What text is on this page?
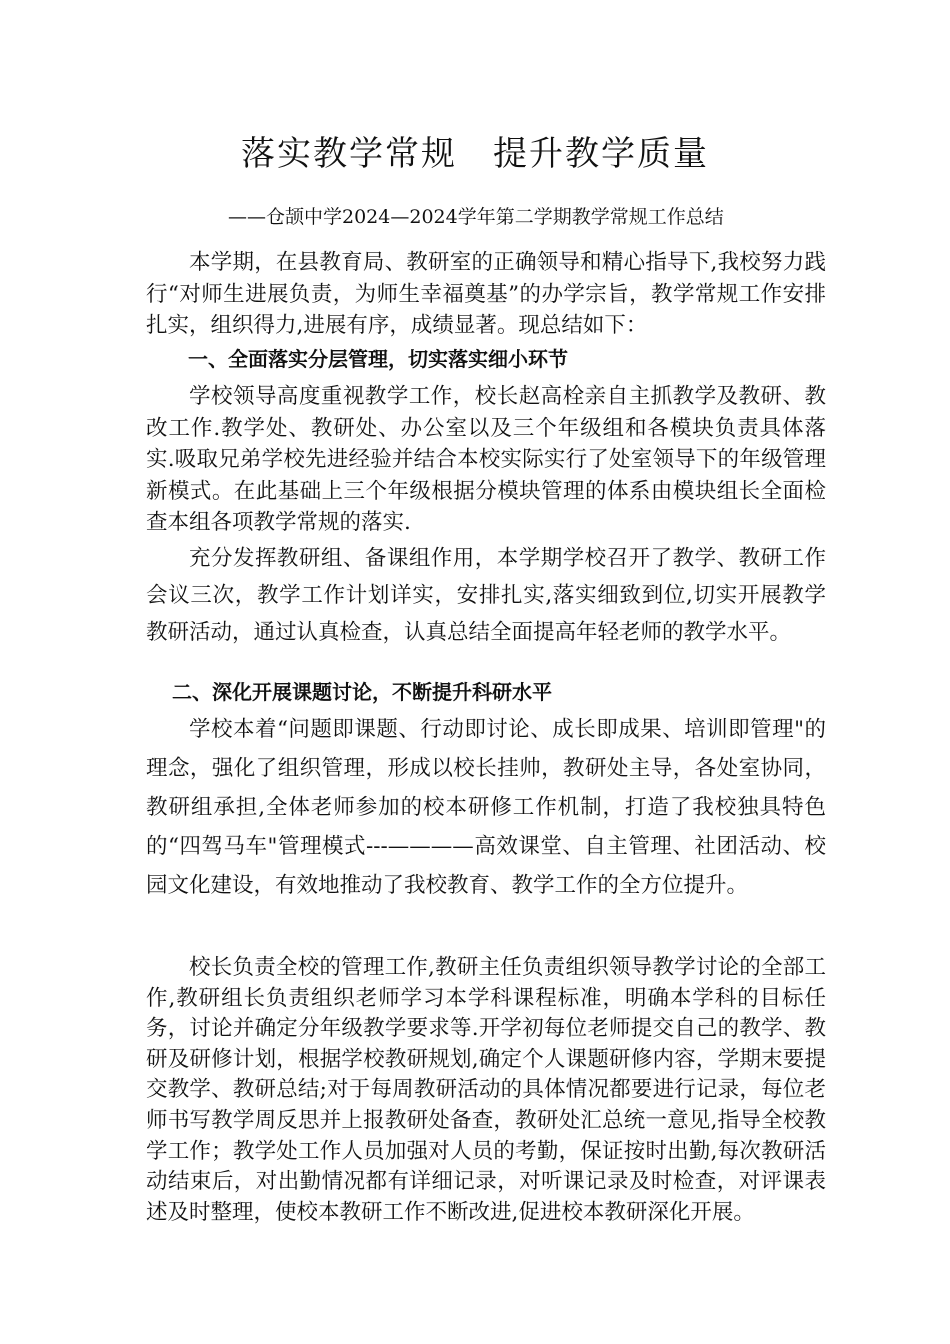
落实教学常规　提升教学质量

——仓颉中学2024—2024学年第二学期教学常规工作总结

本学期，在县教育局、教研室的正确领导和精心指导下,我校努力践行“对师生进展负责，为师生幸福奠基”的办学宗旨，教学常规工作安排扎实，组织得力,进展有序，成绩显著。现总结如下：

一、全面落实分层管理，切实落实细小环节

学校领导高度重视教学工作，校长赵高栓亲自主抓教学及教研、教改工作.教学处、教研处、办公室以及三个年级组和各模块负责具体落实.吸取兄弟学校先进经验并结合本校实际实行了处室领导下的年级管理新模式。在此基础上三个年级根据分模块管理的体系由模块组长全面检查本组各项教学常规的落实.

充分发挥教研组、备课组作用，本学期学校召开了教学、教研工作会议三次，教学工作计划详实，安排扎实,落实细致到位,切实开展教学教研活动，通过认真检查，认真总结全面提高年轻老师的教学水平。

二、深化开展课题讨论，不断提升科研水平

学校本着“问题即课题、行动即讨论、成长即成果、培训即管理"的理念，强化了组织管理，形成以校长挂帅，教研处主导，各处室协同，教研组承担,全体老师参加的校本研修工作机制，打造了我校独具特色的“四驾马车"管理模式---————高效课堂、自主管理、社团活动、校园文化建设，有效地推动了我校教育、教学工作的全方位提升。

校长负责全校的管理工作,教研主任负责组织领导教学讨论的全部工作,教研组长负责组织老师学习本学科课程标准，明确本学科的目标任务，讨论并确定分年级教学要求等.开学初每位老师提交自己的教学、教研及研修计划，根据学校教研规划,确定个人课题研修内容，学期末要提交教学、教研总结;对于每周教研活动的具体情况都要进行记录，每位老师书写教学周反思并上报教研处备查，教研处汇总统一意见,指导全校教学工作；教学处工作人员加强对人员的考勤，保证按时出勤,每次教研活动结束后，对出勤情况都有详细记录，对听课记录及时检查，对评课表述及时整理，使校本教研工作不断改进,促进校本教研深化开展。
